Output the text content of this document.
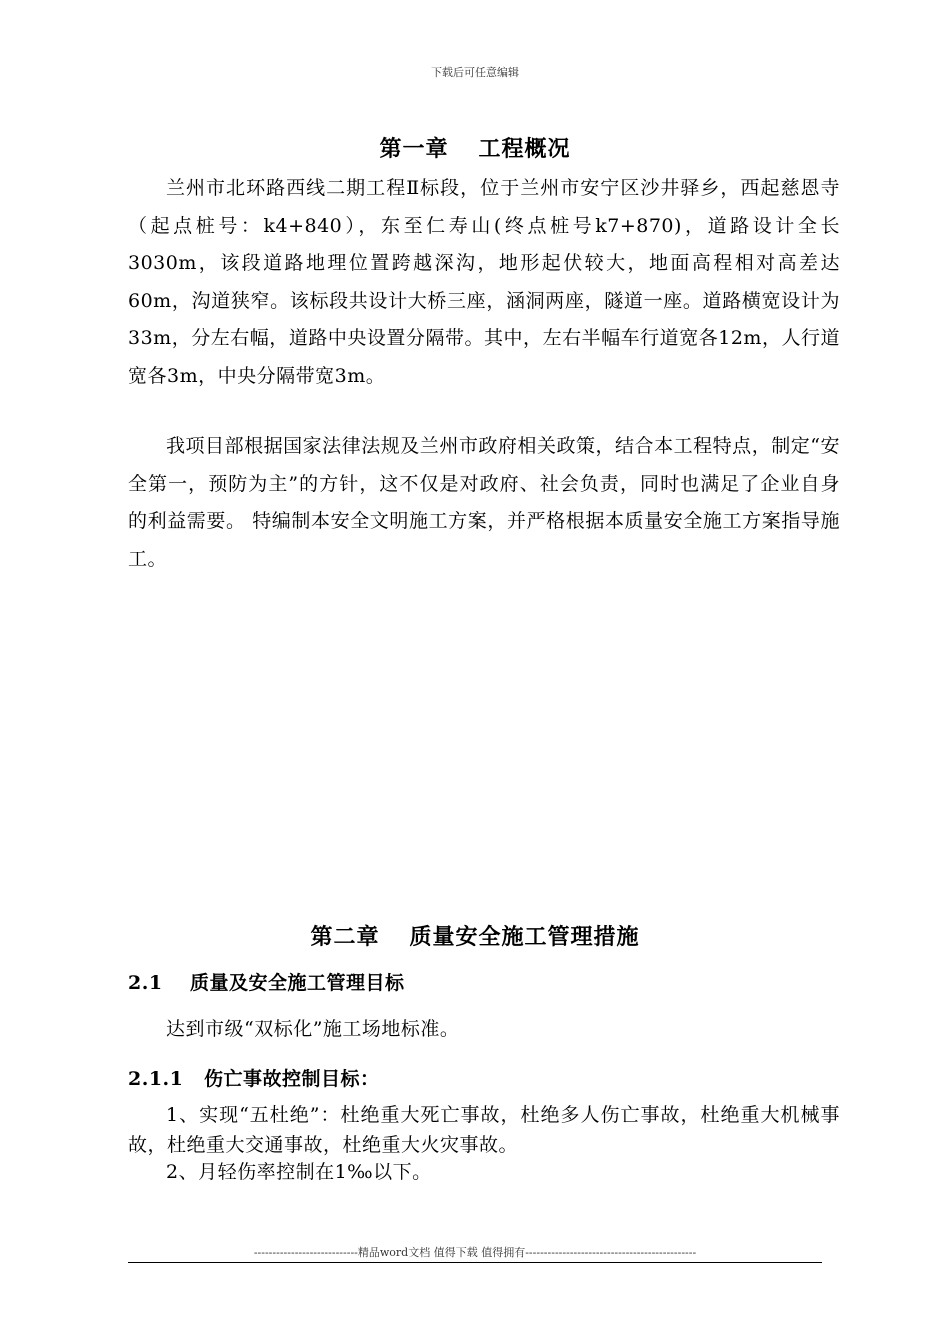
下载后可任意编辑
第一章 工程概况

兰州市北环路西线二期工程Ⅱ标段，位于兰州市安宁区沙井驿乡，西起慈恩寺（起点桩号：k4+840），东至仁寿山(终点桩号k7+870)，道路设计全长3030m，该段道路地理位置跨越深沟，地形起伏较大，地面高程相对高差达60m，沟道狭窄。该标段共设计大桥三座，涵洞两座，隧道一座。道路横宽设计为33m，分左右幅，道路中央设置分隔带。其中，左右半幅车行道宽各12m，人行道宽各3m，中央分隔带宽3m。

我项目部根据国家法律法规及兰州市政府相关政策，结合本工程特点，制定“安全第一，预防为主”的方针，这不仅是对政府、社会负责，同时也满足了企业自身的利益需要。 特编制本安全文明施工方案，并严格根据本质量安全施工方案指导施工。

第二章 质量安全施工管理措施
2.1 质量及安全施工管理目标

达到市级“双标化”施工场地标准。

2.1.1 伤亡事故控制目标：

1、实现“五杜绝”：杜绝重大死亡事故，杜绝多人伤亡事故，杜绝重大机械事故，杜绝重大交通事故，杜绝重大火灾事故。

2、月轻伤率控制在1‰以下。

----------------------------精品word文档 值得下载 值得拥有----------------------------------------------
